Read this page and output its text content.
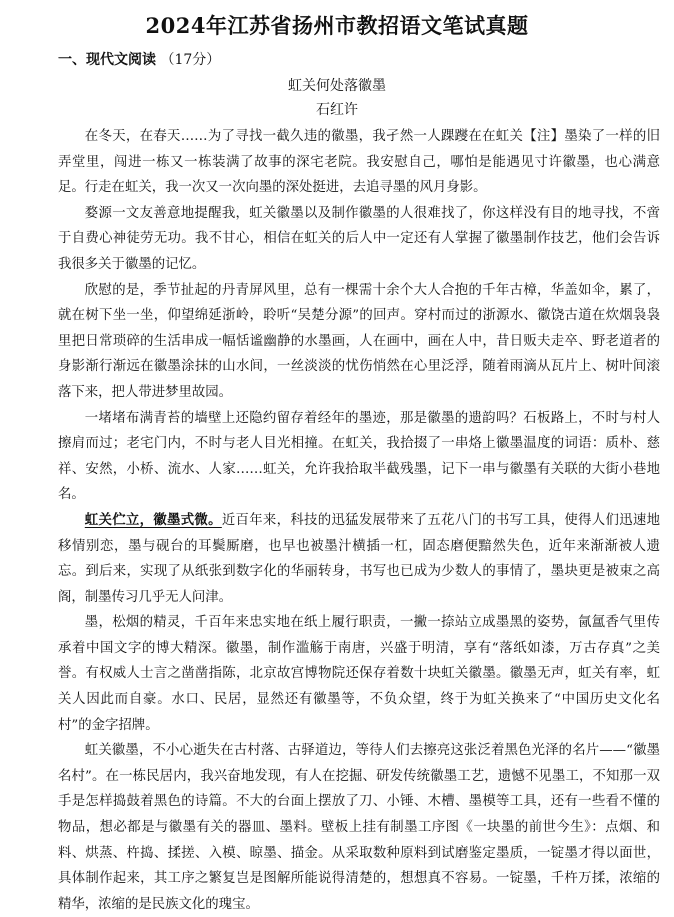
2024年江苏省扬州市教招语文笔试真题
一、现代文阅读 （17分）
虹关何处落徽墨
石红许

在冬天，在春天……为了寻找一截久违的徽墨，我孑然一人踝躞在在虹关【注】墨染了一样的旧弄堂里，闯进一栋又一栋装满了故事的深宅老院。我安慰自己，哪怕是能遇见寸许徽墨，也心满意足。行走在虹关，我一次又一次向墨的深处挺进，去追寻墨的风月身影。

婺源一文友善意地提醒我，虹关徽墨以及制作徽墨的人很难找了，你这样没有目的地寻找，不啻于自费心神徒劳无功。我不甘心，相信在虹关的后人中一定还有人掌握了徽墨制作技艺，他们会告诉我很多关于徽墨的记忆。

欣慰的是，季节扯起的丹青屏风里，总有一棵需十余个大人合抱的千年古樟，华盖如伞，累了，就在树下坐一坐，仰望绵延浙岭，聆听“吴楚分源”的回声。穿村而过的浙源水、徽饶古道在炊烟袅袅里把日常琐碎的生活串成一幅恬谧幽静的水墨画，人在画中，画在人中，昔日贩夫走卒、野老道者的身影渐行渐远在徽墨涂抹的山水间，一丝淡淡的忧伤悄然在心里泛浮，随着雨滴从瓦片上、树叶间滚落下来，把人带进梦里故园。

一堵堵布满青苔的墙壁上还隐约留存着经年的墨迹，那是徽墨的遗韵吗？石板路上，不时与村人擦肩而过；老宅门内，不时与老人目光相撞。在虹关，我拾掇了一串烙上徽墨温度的词语：质朴、慈祥、安然，小桥、流水、人家……虹关，允许我拾取半截残墨，记下一串与徽墨有关联的大街小巷地名。

虹关伫立，徽墨式微。近百年来，科技的迅猛发展带来了五花八门的书写工具，使得人们迅速地移情别恋，墨与砚台的耳鬓厮磨，也早也被墨汁横插一杠，固态磨便黯然失色，近年来渐渐被人遗忘。到后来，实现了从纸张到数字化的华丽转身，书写也已成为少数人的事情了，墨块更是被束之高阁，制墨传习几乎无人问津。

墨，松烟的精灵，千百年来忠实地在纸上履行职责，一撇一捺站立成墨黑的姿势，氤氲香气里传承着中国文字的博大精深。徽墨，制作滥觞于南唐，兴盛于明清，享有“落纸如漆，万古存真”之美誉。有权威人士言之凿凿指陈，北京故宫博物院还保存着数十块虹关徽墨。徽墨无声，虹关有率，虹关人因此而自豪。水口、民居，显然还有徽墨等，不负众望，终于为虹关换来了“中国历史文化名村”的金字招牌。

虹关徽墨，不小心逝失在古村落、古驿道边，等待人们去擦亮这张泛着黑色光泽的名片——“徽墨名村”。在一栋民居内，我兴奋地发现，有人在挖掘、研发传统徽墨工艺，遗憾不见墨工，不知那一双手是怎样捣鼓着黑色的诗篇。不大的台面上摆放了刀、小锤、木槽、墨模等工具，还有一些看不懂的物品，想必都是与徽墨有关的器皿、墨料。壁板上挂有制墨工序图《一块墨的前世今生》：点烟、和料、烘蒸、杵捣、揉搓、入模、晾墨、描金。从采取数种原料到试磨鉴定墨质，一锭墨才得以面世，具体制作起来，其工序之繁复岂是图解所能说得清楚的，想想真不容易。一锭墨，千杵万揉，浓缩的精华，浓缩的是民族文化的瑰宝。
